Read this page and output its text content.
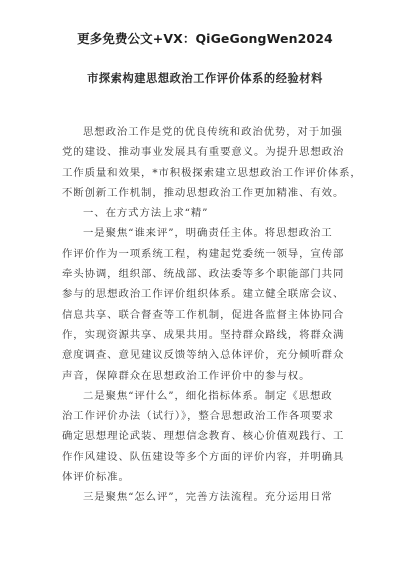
更多免费公文+VX：QiGeGongWen2024
市探索构建思想政治工作评价体系的经验材料
思想政治工作是党的优良传统和政治优势，对于加强
党的建设、推动事业发展具有重要意义。为提升思想政治
工作质量和效果，*市积极探索建立思想政治工作评价体系，
不断创新工作机制，推动思想政治工作更加精准、有效。
一、在方式方法上求“精”
一是聚焦“谁来评”，明确责任主体。将思想政治工
作评价作为一项系统工程，构建起党委统一领导，宣传部
牵头协调，组织部、统战部、政法委等多个职能部门共同
参与的思想政治工作评价组织体系。建立健全联席会议、
信息共享、联合督查等工作机制，促进各监督主体协同合
作，实现资源共享、成果共用。坚持群众路线，将群众满
意度调查、意见建议反馈等纳入总体评价，充分倾听群众
声音，保障群众在思想政治工作评价中的参与权。
二是聚焦“评什么”，细化指标体系。制定《思想政
治工作评价办法（试行）》，整合思想政治工作各项要求
确定思想理论武装、理想信念教育、核心价值观践行、工
作作风建设、队伍建设等多个方面的评价内容，并明确具
体评价标准。
三是聚焦“怎么评”，完善方法流程。充分运用日常
